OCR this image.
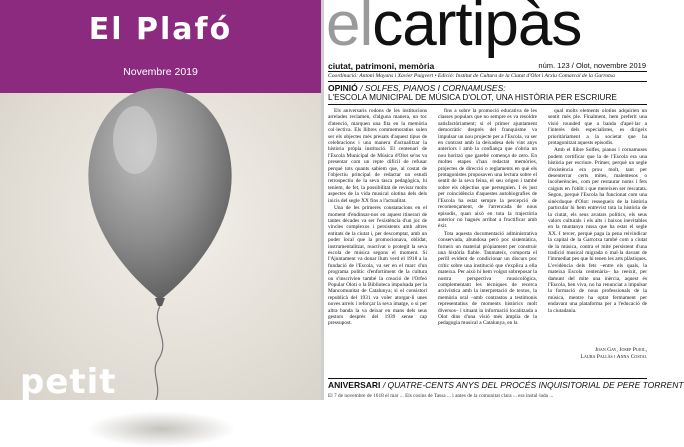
El Plafó
Novembre 2019
petit
elcartipàs
ciutat, patrimoni, memòria	núm. 123 / Olot, novembre 2019
Coordinació: Antoni Mayans i Xavier Puigvert • Edició: Institut de Cultura de la Ciutat d'Olot i Arxiu Comarcal de la Garrotxa
OPINIÓ / SOLFES, PIANOS I CORNAMUSES:
L'ESCOLA MUNICIPAL DE MÚSICA D'OLOT, UNA HISTÒRIA PER ESCRIURE

Els aniversaris rodons de les institucions arrelades reclamen, d'alguna manera, un toc d'atenció, marquen una fita en la memòria col·lectiva. Els llibres commemoratius solen ser els objectes més preuats d'aquest tipus de celebracions i una manera d'actualitzar la història pròpia institució. El centenari de l'Escola Municipal de Música d'Olot se'ns va presentar com un repte difícil de refusar perquè tots quants sabíem que, al costat de l'objectiu principal de redactar un estudi retrospectiu de la seva tasca pedagògica, hi teníem, de fet, la possibilitat de revisar molts aspectes de la vida musical olotina dels dels inicis del segle XX fins a l'actualitat.

Una de les primeres constatacions en el moment d'endinsar-nos en aquest itinerari de tantes dècades va ser l'existència d'un joc de vincles complexos i persistents amb altres entitats de la ciutat i, per descomptat, amb un poder local que la promocionava, oblidat, instrumentalitzat, reactivat o protegit la seva escola de música segons el moment. Si l'Ajuntament va donar llum verd el 1918 a la fundació de l'Escola, va ser en el marc d'un programa polític d'enfortiment de la cultura on s'inscrivien també la creació de l'Orfeó Popular Olotí o la Biblioteca impulsada per la Mancomunitat de Catalunya; si el consistori republicà del 1931 va voler atorgar-li unes noves arrels i reforçar la seva imatge, o si per altra banda la va deixar en mans dels seus gestors després del 1939 sense cap pressupost.

fins a sobre la promoció educativa de les classes populars que no sempre es va resoldre satisfactòriament; si el primer ajuntament democràtic després del franquisme va impulsar un nou projecte per a l'Escola, va ser en contrast amb la deixadesa dels vint anys anteriors i amb la confiança que s'obria un nou horitzó que garebé comença de zero. En moltes etapes s'han redactat memòries, projectes de direcció o reglaments en què els protagonistes proposaven una lectura sobre el sentit de la seva feina, el seu origen i també sobre els objectius que perseguien. I és just per coincidència d'aquestes autobiografies de l'Escola ha estat sempre la percepció de recomençament, de l'arrencada de nous episodis, quan això en tota la trajectòria anterior no hagués arribat a fructificar amb èxit.

Tota aquesta documentació administrativa conservada, abundosa però poc sistemàtica, forneix un material pròpiament per construir una història fiable. Tanmateix, comporta el perill evident de condicionar un discurs poc crític sobre una institució que s'explica a ella mateixa. Per això hi hem volgut sobreposar la nostra perspectiva musicològica, complementant les tècniques de recerca arxivística amb la interpretació de textos, la memòria oral –amb contrastos a testimonis representatius de moments històrics molt diversos– i situant la informació localitzada a Olot dins d'una visió més àmplia de la pedagogia musical a Catalunya, en la

qual molts elements olotins adquirien un sentit més ple. Finalment, hem preferit una visió rounded que a banda d'apel·lar a l'interès dels especialistes, es dirigeix prioritàriament a la societat que ha protagonitzat aquests episodis.

Amb el llibre Solfes, pianos i cornamuses podem certificar que la de l'Escola era una història per escriure. Primer, perquè un segle d'existència era prou molt, tant per desenterrar certs mites, malentesos o incoherències, com per restaurar noms i fets caiguts en l'oblit i que mereixen ser rescatats. Segon, perquè l'Escola ha funcionat com una sinècdoque d'Olot: ressegueix de la història particular hi hem entrevist tota la història de la ciutat, els seus avatars polítics, els seus valors culturals i els alts i baixos inevitables en la muntanya russa que ha estat el segle XX. I tercer, perquè paga la pena reivindicar la capital de la Garrotxa també com a ciutat de la música, contra el mite persistent d'una tradició musical migrada o mal·la davant de l'immediat pes que hi tenen les arts plàstiques. L'evidència dels fets –entre els quals, la mateixa Escola centenària– ha reeixit, per damunt del mite una inèrcia, aquest és l'Escola, ben viva, no ha renunciat a impulsar la formació de nous professionals de la música, mentre ha optat fermament per endavant una plataforma per a l'educació de la ciutadania.

Joan Gay, Josep Pujol,
Laura Pallàs i Anna Costal
ANIVERSARI / QUATRE-CENTS ANYS DEL PROCÉS INQUISITORIAL DE PERE TORRENT
El 7 de novembre de 1618 el mar ... Els cosins de Tassa ... i antes de la comunitat clara ... era instal·lada ...
